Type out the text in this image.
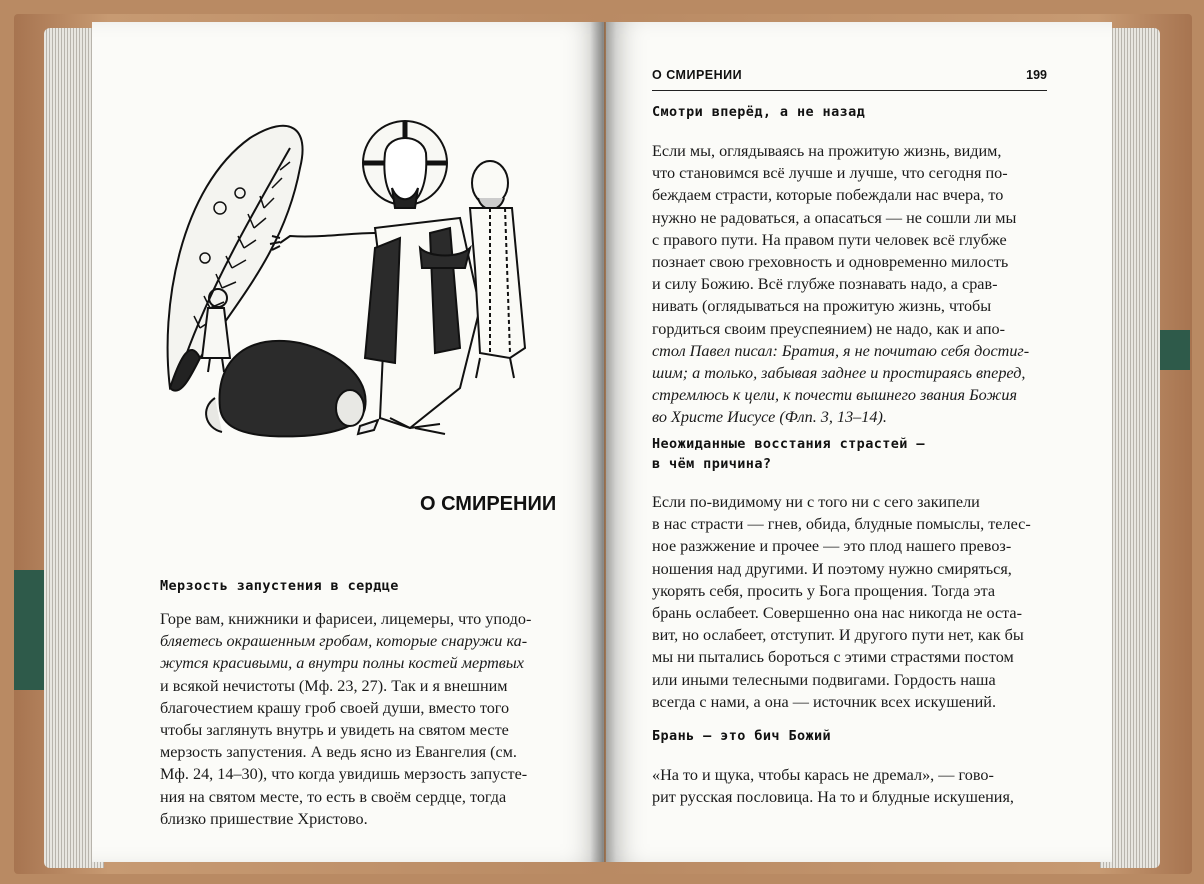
О СМИРЕНИИ
Мерзость запустения в сердце
Горе вам, книжники и фарисеи, лицемеры, что уподо-
бляетесь окрашенным гробам, которые снаружи ка-
жутся красивыми, а внутри полны костей мертвых
и всякой нечистоты (Мф. 23, 27). Так и я внешним
благочестием крашу гроб своей души, вместо того
чтобы заглянуть внутрь и увидеть на святом месте
мерзость запустения. А ведь ясно из Евангелия (см.
Мф. 24, 14–30), что когда увидишь мерзость запусте-
ния на святом месте, то есть в своём сердце, тогда
близко пришествие Христово.
О СМИРЕНИИ	199
Смотри вперёд, а не назад
Если мы, оглядываясь на прожитую жизнь, видим,
что становимся всё лучше и лучше, что сегодня по-
беждаем страсти, которые побеждали нас вчера, то
нужно не радоваться, а опасаться — не сошли ли мы
с правого пути. На правом пути человек всё глубже
познает свою греховность и одновременно милость
и силу Божию. Всё глубже познавать надо, а срав-
нивать (оглядываться на прожитую жизнь, чтобы
гордиться своим преуспеянием) не надо, как и апо-
стол Павел писал: Братия, я не почитаю себя достиг-
шим; а только, забывая заднее и простираясь вперед,
стремлюсь к цели, к почести вышнего звания Божия
во Христе Иисусе (Флп. 3, 13–14).
Неожиданные восстания страстей —
в чём причина?
Если по-видимому ни с того ни с сего закипели
в нас страсти — гнев, обида, блудные помыслы, телес-
ное разжжение и прочее — это плод нашего превоз-
ношения над другими. И поэтому нужно смиряться,
укорять себя, просить у Бога прощения. Тогда эта
брань ослабеет. Совершенно она нас никогда не оста-
вит, но ослабеет, отступит. И другого пути нет, как бы
мы ни пытались бороться с этими страстями постом
или иными телесными подвигами. Гордость наша
всегда с нами, а она — источник всех искушений.
Брань — это бич Божий
«На то и щука, чтобы карась не дремал», — гово-
рит русская пословица. На то и блудные искушения,
